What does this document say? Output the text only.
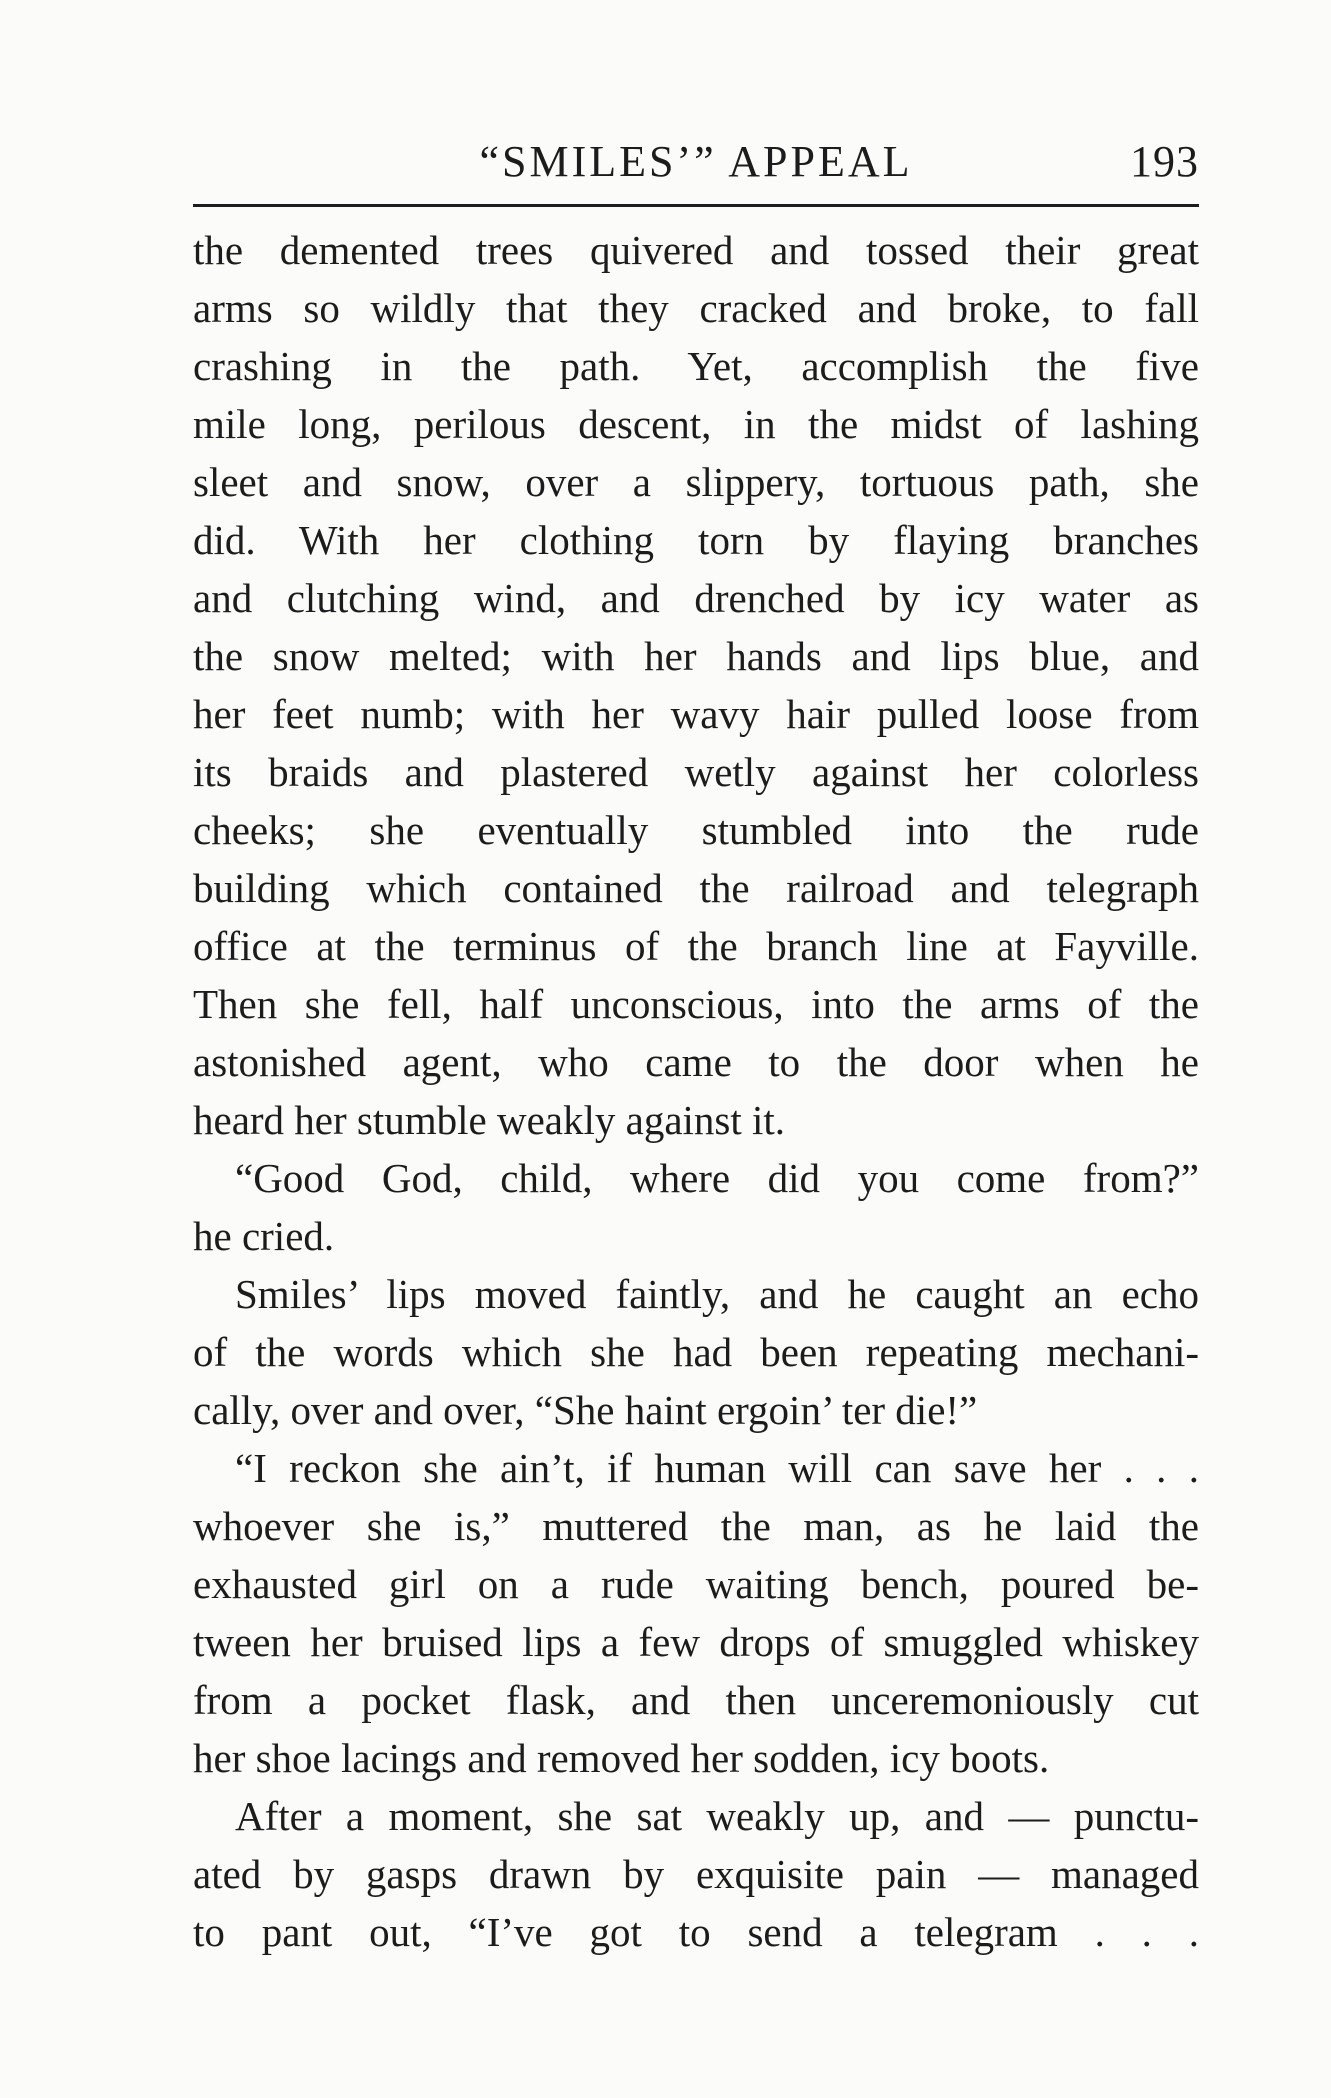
“SMILES’” APPEAL	193
the demented trees quivered and tossed their great
arms so wildly that they cracked and broke, to fall
crashing in the path. Yet, accomplish the five
mile long, perilous descent, in the midst of lashing
sleet and snow, over a slippery, tortuous path, she
did. With her clothing torn by flaying branches
and clutching wind, and drenched by icy water as
the snow melted; with her hands and lips blue, and
her feet numb; with her wavy hair pulled loose from
its braids and plastered wetly against her colorless
cheeks; she eventually stumbled into the rude
building which contained the railroad and telegraph
office at the terminus of the branch line at Fayville.
Then she fell, half unconscious, into the arms of the
astonished agent, who came to the door when he
heard her stumble weakly against it.
“Good God, child, where did you come from?”
he cried.
Smiles’ lips moved faintly, and he caught an echo
of the words which she had been repeating mechani-
cally, over and over, “She haint ergoin’ ter die!”
“I reckon she ain’t, if human will can save her . . .
whoever she is,” muttered the man, as he laid the
exhausted girl on a rude waiting bench, poured be-
tween her bruised lips a few drops of smuggled whiskey
from a pocket flask, and then unceremoniously cut
her shoe lacings and removed her sodden, icy boots.
After a moment, she sat weakly up, and — punctu-
ated by gasps drawn by exquisite pain — managed
to pant out, “I’ve got to send a telegram . . .
